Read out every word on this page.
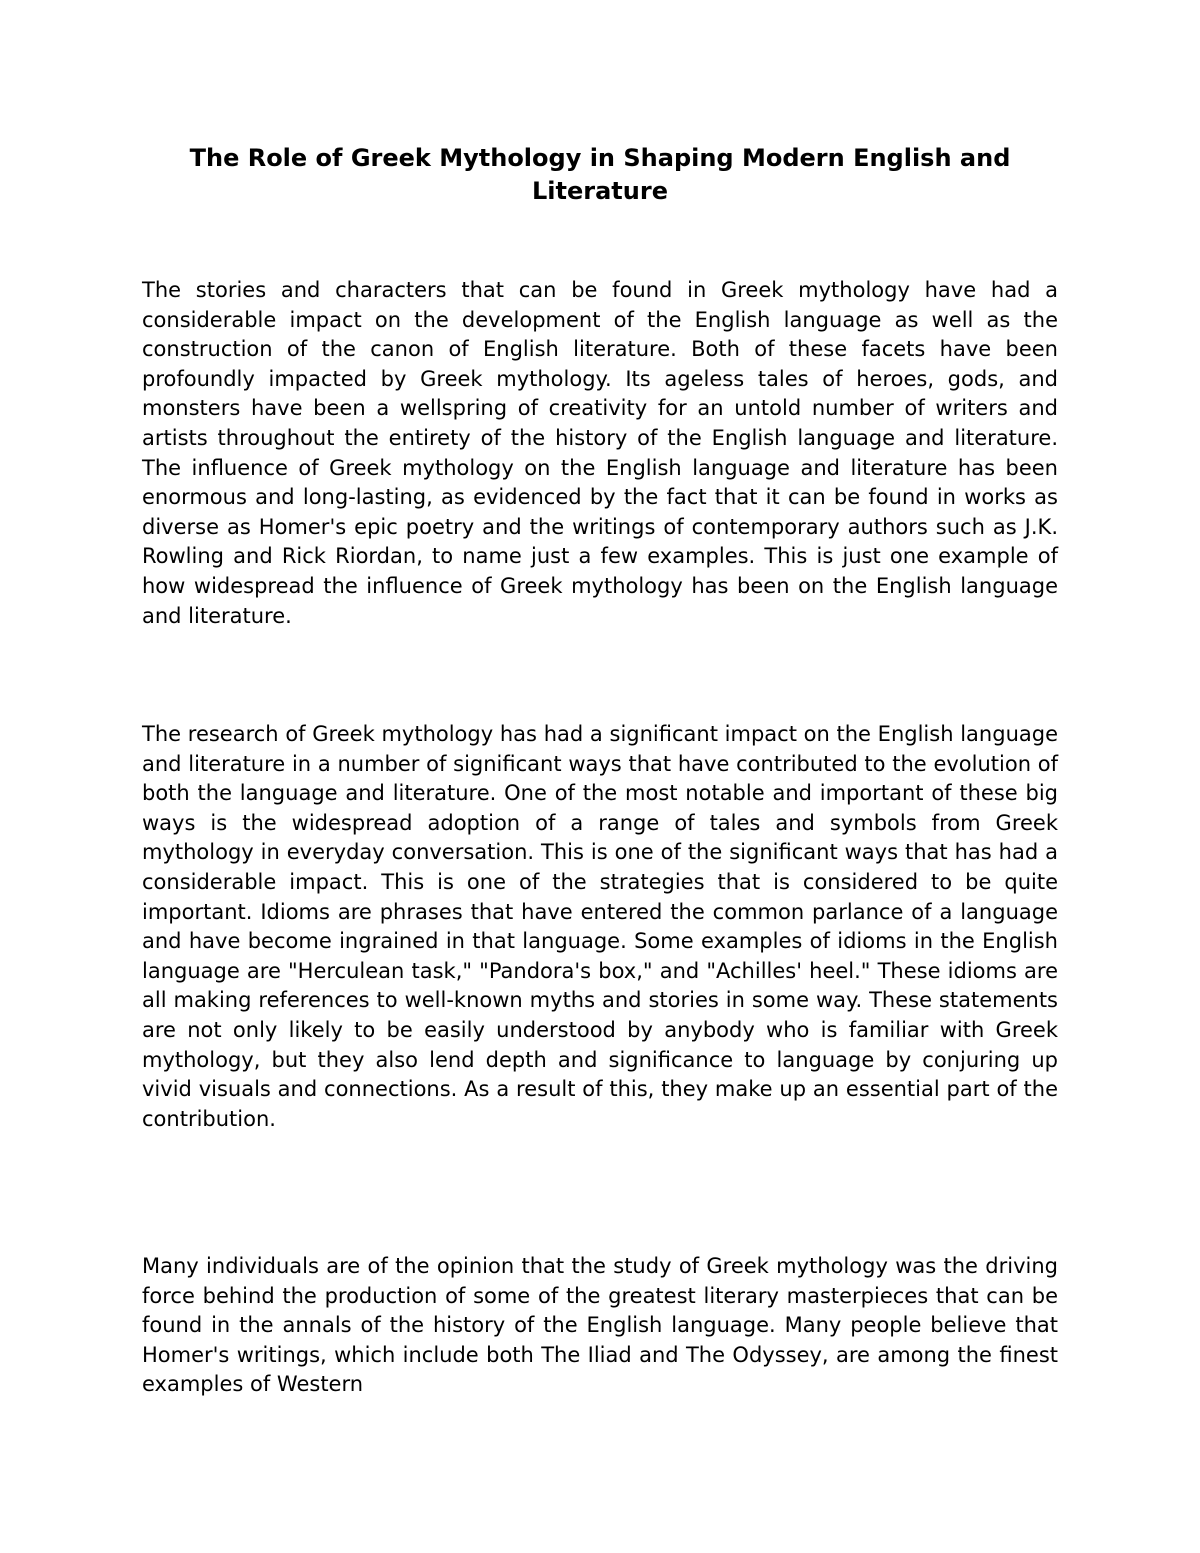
The Role of Greek Mythology in Shaping Modern English and Literature

The stories and characters that can be found in Greek mythology have had a considerable impact on the development of the English language as well as the construction of the canon of English literature. Both of these facets have been profoundly impacted by Greek mythology. Its ageless tales of heroes, gods, and monsters have been a wellspring of creativity for an untold number of writers and artists throughout the entirety of the history of the English language and literature. The influence of Greek mythology on the English language and literature has been enormous and long-lasting, as evidenced by the fact that it can be found in works as diverse as Homer's epic poetry and the writings of contemporary authors such as J.K. Rowling and Rick Riordan, to name just a few examples. This is just one example of how widespread the influence of Greek mythology has been on the English language and literature.

The research of Greek mythology has had a significant impact on the English language and literature in a number of significant ways that have contributed to the evolution of both the language and literature. One of the most notable and important of these big ways is the widespread adoption of a range of tales and symbols from Greek mythology in everyday conversation. This is one of the significant ways that has had a considerable impact. This is one of the strategies that is considered to be quite important. Idioms are phrases that have entered the common parlance of a language and have become ingrained in that language. Some examples of idioms in the English language are "Herculean task," "Pandora's box," and "Achilles' heel." These idioms are all making references to well-known myths and stories in some way. These statements are not only likely to be easily understood by anybody who is familiar with Greek mythology, but they also lend depth and significance to language by conjuring up vivid visuals and connections. As a result of this, they make up an essential part of the contribution.

Many individuals are of the opinion that the study of Greek mythology was the driving force behind the production of some of the greatest literary masterpieces that can be found in the annals of the history of the English language. Many people believe that Homer's writings, which include both The Iliad and The Odyssey, are among the finest examples of Western
